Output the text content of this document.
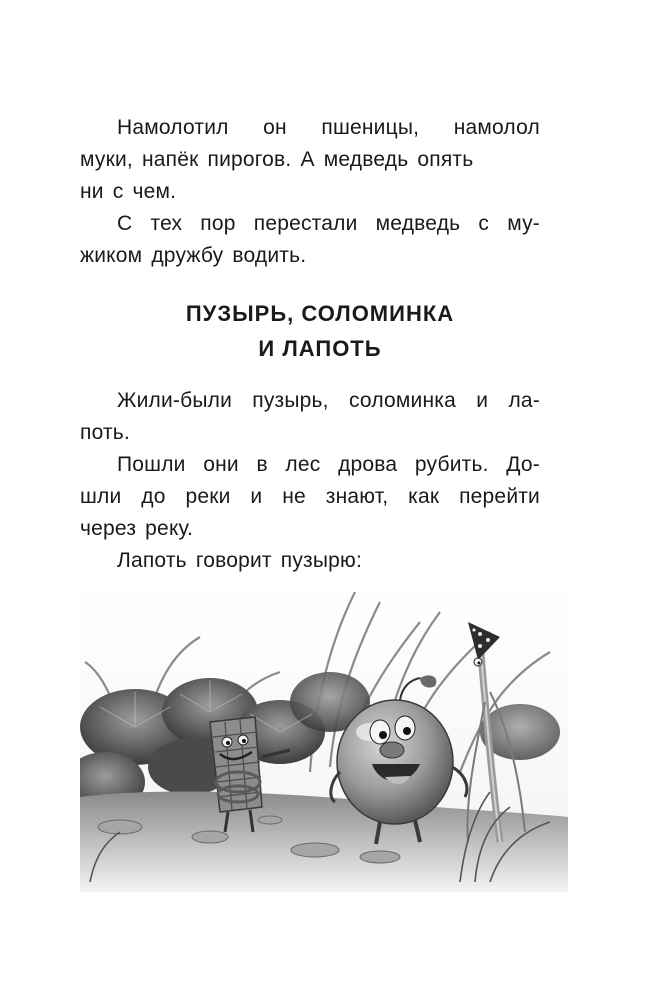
Намолотил он пшеницы, намолол
муки, напёк пирогов. А медведь опять
ни с чем.
С тех пор перестали медведь с му-
жиком дружбу водить.
ПУЗЫРЬ, СОЛОМИНКА
И ЛАПОТЬ
Жили-были пузырь, соломинка и ла-
поть.
Пошли они в лес дрова рубить. До-
шли до реки и не знают, как перейти
через реку.
Лапоть говорит пузырю:
